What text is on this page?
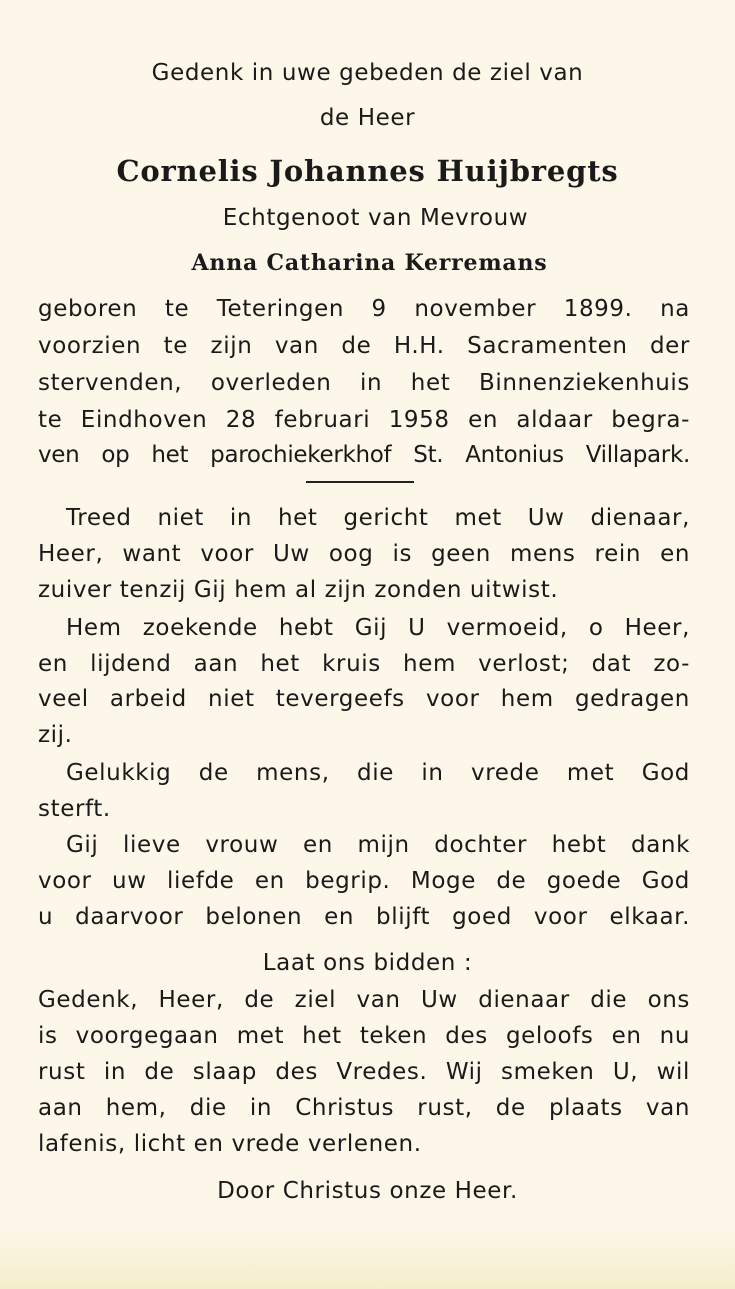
Gedenk in uwe gebeden de ziel van
de Heer
Cornelis Johannes Huijbregts
Echtgenoot van Mevrouw
Anna Catharina Kerremans
geboren te Teteringen 9 november 1899. na
voorzien te zijn van de H.H. Sacramenten der
stervenden, overleden in het Binnenziekenhuis
te Eindhoven 28 februari 1958 en aldaar begra-
ven op het parochiekerkhof St. Antonius Villapark.
Treed niet in het gericht met Uw dienaar,
Heer, want voor Uw oog is geen mens rein en
zuiver tenzij Gij hem al zijn zonden uitwist.
Hem zoekende hebt Gij U vermoeid, o Heer,
en lijdend aan het kruis hem verlost; dat zo-
veel arbeid niet tevergeefs voor hem gedragen
zij.
Gelukkig de mens, die in vrede met God
sterft.
Gij lieve vrouw en mijn dochter hebt dank
voor uw liefde en begrip. Moge de goede God
u daarvoor belonen en blijft goed voor elkaar.
Laat ons bidden :
Gedenk, Heer, de ziel van Uw dienaar die ons
is voorgegaan met het teken des geloofs en nu
rust in de slaap des Vredes. Wij smeken U, wil
aan hem, die in Christus rust, de plaats van
lafenis, licht en vrede verlenen.
Door Christus onze Heer.
